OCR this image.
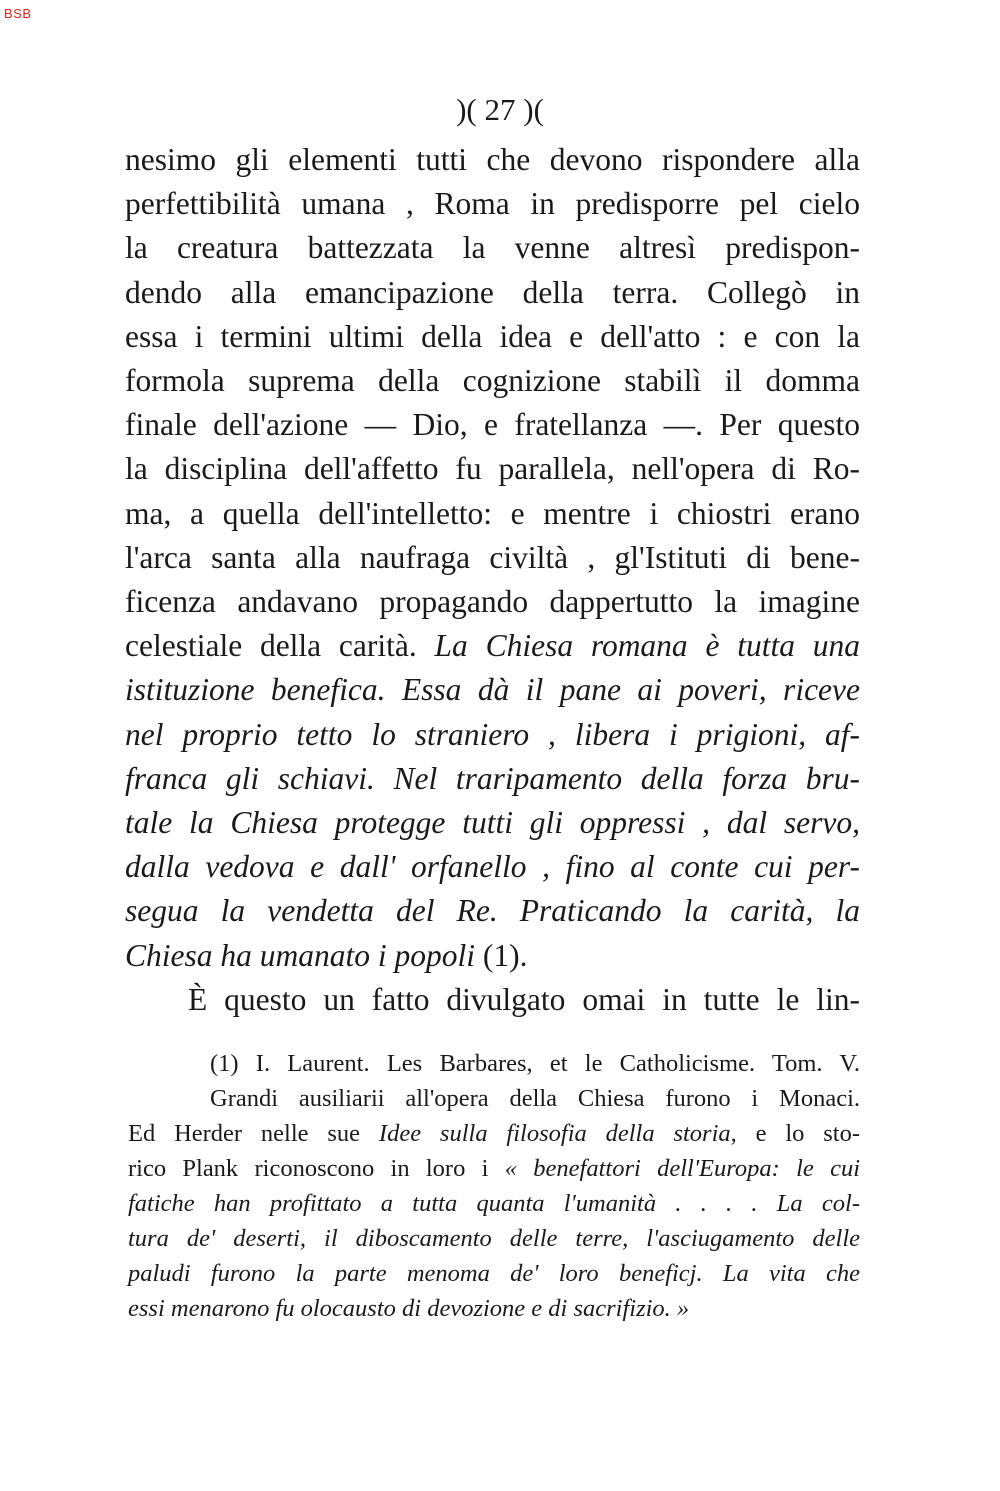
BSB
)( 27 )(
nesimo gli elementi tutti che devono rispondere alla
perfettibilità umana , Roma in predisporre pel cielo
la creatura battezzata la venne altresì predispon-
dendo alla emancipazione della terra. Collegò in
essa i termini ultimi della idea e dell'atto : e con la
formola suprema della cognizione stabilì il domma
finale dell'azione — Dio, e fratellanza —. Per questo
la disciplina dell'affetto fu parallela, nell'opera di Ro-
ma, a quella dell'intelletto: e mentre i chiostri erano
l'arca santa alla naufraga civiltà , gl'Istituti di bene-
ficenza andavano propagando dappertutto la imagine
celestiale della carità. La Chiesa romana è tutta una
istituzione benefica. Essa dà il pane ai poveri, riceve
nel proprio tetto lo straniero , libera i prigioni, af-
franca gli schiavi. Nel traripamento della forza bru-
tale la Chiesa protegge tutti gli oppressi , dal servo,
dalla vedova e dall' orfanello , fino al conte cui per-
segua la vendetta del Re. Praticando la carità, la
Chiesa ha umanato i popoli (1).
È questo un fatto divulgato omai in tutte le lin-
(1) I. Laurent. Les Barbares, et le Catholicisme. Tom. V.
Grandi ausiliarii all'opera della Chiesa furono i Monaci.
Ed Herder nelle sue Idee sulla filosofia della storia, e lo sto-
rico Plank riconoscono in loro i « benefattori dell'Europa: le cui
fatiche han profittato a tutta quanta l'umanità . . . . La col-
tura de' deserti, il diboscamento delle terre, l'asciugamento delle
paludi furono la parte menoma de' loro beneficj. La vita che
essi menarono fu olocausto di devozione e di sacrifizio. »
